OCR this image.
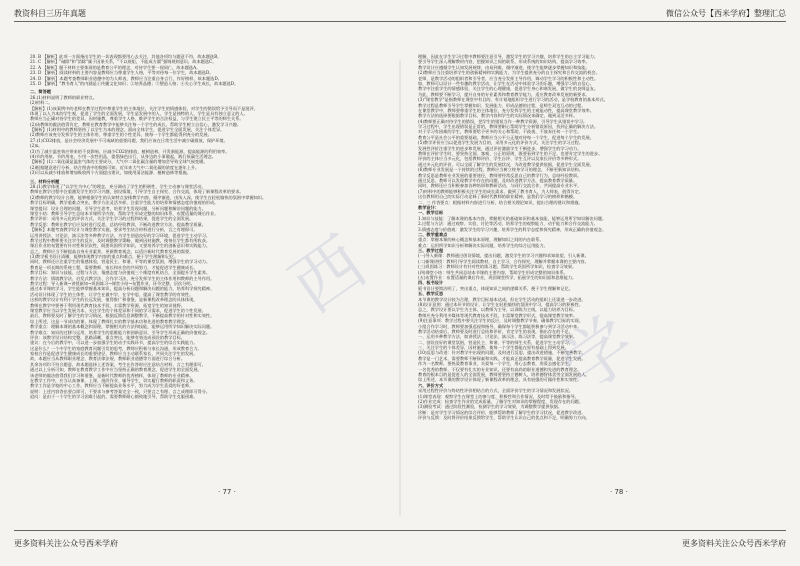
教资科目三历年真题	微信公众号【西米学府】整理汇总
20. B 【解析】此项一方面指出学生的一切表现都要用心去关注，其他各项均与题意不符，故本题选B。
21. C 【解析】"破除"和"消除"属于因果关系，"不以规矩，不能成方圆"强调规则意识，故本题选C。
22. A 【解析】题干材料主要体现的是教育公平的理念，对待学生要一视同仁，故本题选A。
23. D 【解析】阅读材料的主要内容是教师应当尊重学生人格，平等对待每一位学生，故本题选D。
24. D 【解析】本题考查教师职业道德中的为人师表，教师应当注重自身言行，作好榜样，故本题选D。
25. D 【解析】"教书育人"的内涵是①传播文化知识；②培养品德；③塑造人格；④关心学生成长，故本题选D。
二、简答题
26.(1)材料说明了教师的职业特点。
(2)材料二。
【解析】(1)该案例中的老师在教学过程中尊重学生的主体地位，关注学生的情感体验，对学生的错误给予引导而不是批评，
体现了以人为本的学生观，促进了学生的全面发展，学生是发展中的人，学生是独特的人，学生是具有独立意义的人。
教师应当正确对待学生的差异，因材施教，尊重学生人格，维护学生的合法权益，与学生建立民主平等的师生关系。
(2)该教师的做法值得肯定，教师在教育教学中能够关注每一个学生的成长，帮助学生树立自信心，激发学习兴趣。
【解析】(1)材料中的教师坚持了以学生为本的理念，面向全体学生，促进学生全面发展，关注个体差异。
(2)教师应该充分发挥学生的主体作用，尊重学生的个性差异，使每一个学生都能得到充分的发展。
27.(1)CO2排放，是社会经济发展中不可或缺的重要问题，我们应该在日常生活中减少碳排放，保护环境。
(2)x。
(3)为了减少温室效应带来的不良影响，应减少CO2的排放，植树造林，开发新能源，提高能源的利用效率。
(4)节约用纸、节约用电，少用一次性用品，提倡绿色出行，从身边的小事做起，践行低碳生活理念。
【解析】(1)二氧化碳是温室气体的主要成分，大气中二氧化碳含量的增加会导致全球气候变暖。
(2)根据题意进行分析，结合图表中的数据可知，近年来大气中二氧化碳的浓度在逐年上升。
(3)可以从减少排放和增加吸收两个方面提出建议，如使用清洁能源、植树造林等措施。
三、材料分析题
28.(1)教学体现了"以学生为中心"的理念，充分调动了学生的积极性，学生主动参与课堂活动。
教师在教学过程中注重激发学生的学习兴趣，创设情境，引导学生自主探究、合作交流，体现了新课程改革的要求。
(2)教师的教学设计合理，能够根据学生的认知特点安排教学内容，循序渐进，由浅入深，使学生在轻松愉快的氛围中掌握知识。
教学目标明确，教学重难点突出，教学方法灵活多样，注重学生能力的培养和情感态度价值观的形成。
课堂提问：设计合理的问题，引导学生思考，培养学生发现问题、分析问题和解决问题的能力。
课堂小结：教师引导学生总结本节课所学内容，帮助学生形成完整的知识体系，布置适量的课后作业。
教学评价：采用多元化的评价方式，关注学生学习的过程和结果，促进学生的全面发展。
教学反思：教师在教学后应及时进行反思，总结经验教训，不断改进教学方法，提高教学质量。
【解析】本题考查教学设计与课堂教学实施，要求考生结合材料进行分析，言之有理即可。
运用讲授法、讨论法、演示法等多种教学方法，为学生创造良好的学习环境，促进学生主动学习。
教学过程中教师要关注学生的反应，及时调整教学策略，做到因材施教，使每位学生都有所收获。
课后作业的布置要有针对性和层次性，既要巩固所学知识，又要培养学生的创新意识和实践能力。
总之，教师应当不断提高自身专业素养，更新教育观念，以适应新时代教育发展的需要。
(3)教学板书设计清晰，能够体现教学内容的重点和难点，便于学生理解和记忆。
同时，教师还应注重学生的情感体验，营造民主、和谐、平等的课堂氛围，增强学生的学习动力。
教育是一项长期的系统工程，需要教师、家长和社会的共同努力，才能促进学生健康成长。
教学目标：知识与技能、过程与方法、情感态度与价值观三个维度有机结合，全面提升学生素养。
教学方法：情境教学法、启发式教学法、合作学习法，充分发挥学生的主体作用和教师的主导作用。
教学过程：导入新课→讲授新知→巩固练习→课堂小结→布置作业，环节完整，层次分明。
通过本节课的学习，学生能够掌握基本知识，提高分析问题和解决问题的能力，培养科学探究精神。
活动设计体现了学生的主体性，让学生在做中学，在学中思，提高了课堂教学的有效性。
这样的教学设计有利于学生的长远发展，值得推广和借鉴，是新课程改革理念的具体体现。
教师在教学中要善于利用现代教育技术手段，丰富教学资源，拓宽学生的知识视野。
课堂教学应当以学生发展为本，关注学生的个体差异和不同的学习需求，促进学生的个性发展。
最后，教师要及时了解学生的学习情况，根据反馈信息调整教学，不断提高教学的针对性和实效性。
综上所述，这是一节成功的课，体现了教师扎实的教学基本功和先进的教育教学理念。
教学重点：理解本课的基本概念和原理，掌握相关的方法和技能，能够运用所学知识解决实际问题。
教学难点：知识的迁移与运用，培养学生的思维能力和创新意识，引导学生形成正确的价值观念。
评价：该教学设计结构完整，思路清晰，重点突出，能够有效达成预设的教学目标。
建议：在今后的教学中，可以进一步加强学生的动手实践环节，提高学生的综合实践能力。
这是什么？一个中学生的家庭教育问题引发的思考，教师应积极与家长沟通，形成教育合力。
家校合作是促进学生健康成长的重要途径，教师应当主动联系家长，共同关注学生的发展。
故，本题应当从教师职业理念、教育法律法规、教师职业道德等方面进行综合分析。
其余各项均不符合题意，故本题选择上述答案，考生在作答时应注意结合材料，言之有理即可。
通过以上分析可知，教师在教育教学工作中应当坚持正确的教育理念，促进学生的全面发展。
该老师的做法值得我们学习和借鉴，是新时代教师的优秀榜样，体现了教师的专业精神。
在教学工作中，应当认真备课、上课、批改作业、辅导学生，切实履行教师的职责和义务。
教学工作是学校的中心工作，教师应当不断提高业务水平，努力成为学生喜爱的好老师。
说明：上述内容答出要点即可，不要求与参考答案完全一致，只要言之有理、言之成理即可得分。
追问：是由于一个学生的学习困难引起的，需要教师耐心细致地引导，帮助学生克服困难。
理解，因此在学生学习过程中教师要注意引导，激发学生的学习兴趣，培养学生的自主学习能力。
要引导学生深入理解教材内容，把握知识之间的联系，形成系统的知识结构，提高学习效率。
教学设计应遵循学生认知发展规律，由易到难，循序渐进，使学生能够逐步掌握知识和技能。
(2)教师应当注重培养学生的创新精神和实践能力，为学生提供充分的自主探究和合作交流的机会。
老师，是教学活动的组织者和引导者，应当充分发挥主导作用，调动学生学习的积极性和主动性。
如，教师可以设计一些有趣的教学活动，让学生在活动中体验学习的乐趣，增强学习的自信心。
教学中注重学生的情感体验，关注学生的心理健康，促进学生身心和谐发展，做学生的良师益友。
为此，教师要不断学习，提升自身的专业素养和教育教学能力，适应教育改革发展的新要求。
(3)"课堂教学"是指教师在课堂中有目的、有计划地组织学生进行学习的活动，是学校教育的基本形式。
教学过程是教师引导学生掌握知识、发展能力、形成品德的过程，是师生双边互动的过程。
在课堂教学中，教师要尊重学生的主体地位，充分发挥学生的主观能动性，提高课堂教学效率。
教学方法的选择要根据教学目标、教学内容和学生的实际情况来确定，做到灵活多样。
(4)教师要正确对待学生的错误，把学生的错误当作一种教学资源，引导学生从错误中学习。
学习过程中，学生出现错误是正常的，教师要耐心帮助学生分析错误原因，找到正确的解决方法。
对于学习有困难的学生，教师要给予更多的关心和帮助，不歧视、不放弃任何一个学生。
教育公平是社会公平的重要基础，教师应当公平公正地对待每一个学生，促进每个学生的发展。
(5)教学评价应当以促进学生发展为目的，采用多元化的评价方式，关注学生的学习过程。
发展性评价注重学生的进步和发展，通过评价激励学生不断进步，增强学生的学习动力。
教师在评价学生时，要坚持全面、客观、公正的原则，既要看到学生的不足，也要肯定学生的进步。
评价的主体应当多元化，包括教师评价、学生自评、学生互评以及家长评价等多种形式。
通过多元化的评价，可以全面了解学生的发展状况，为改进教学提供依据，促进学生全面发展。
(6)教师专业发展是一个持续的过程，教师应当树立终身学习的理念，不断更新知识结构。
教学反思是教师专业发展的重要途径，教师要经常反思自己的教学行为，总结经验教训。
通过反思，教师可以发现教学中存在的问题，及时改进教学方法，提高教育教学质量。
同时，教师还应当积极参加各种培训和教研活动，与同行交流合作，共同提高专业水平。
(7)材料中的教师能够积极关注学生的成长需求，做到了教书育人，为人师表，值得肯定。
这位教师用自己的实际行动诠释了新时代教师的职业精神，是我们学习的榜样和楷模。
二、三 作答要点：根据材料内容进行分析，结合相关理论知识，提出合理的建议和措施。
教学设计：
一、教学目标
1.知识与技能：了解本课的基本内容，掌握相关的基础知识和基本技能，能够运用所学知识解决问题。
2.过程与方法：通过观察、实验、讨论等活动，培养学生的观察能力、动手能力和合作交流能力。
3.情感态度与价值观：激发学生的学习兴趣，培养学生的科学态度和探究精神，形成正确的价值观念。
二、教学重难点
重点：掌握本课的核心概念和基本原理，理解知识之间的内在联系。
难点：运用所学知识分析和解决实际问题，培养学生的综合运用能力。
三、教学过程
(一)导入新课：教师通过创设情境，提出问题，激发学生的学习兴趣和求知欲望，引入新课。
(二)新课讲授：教师引导学生阅读教材，自主学习，合作探究，理解并掌握本课的主要内容。
(三)巩固练习：教师设计有针对性的练习题，帮助学生巩固所学知识，检查学习效果。
(四)课堂小结：师生共同总结本节课的主要内容，帮助学生形成完整的知识体系。
(五)布置作业：布置适量的课后作业，巩固课堂所学，拓展学生的知识面和思维能力。
四、板书设计
板书设计要简洁明了，突出重点，体现知识之间的逻辑关系，便于学生理解和记忆。
五、教学反思
本节课的教学设计较为合理，教学目标基本达成，但在学生活动的组织上还需进一步改进。
(8)设计意图：通过本环节的设计，让学生在轻松愉快的氛围中学习，提高学习的积极性。
总之，教学设计要以学生为主体，以教师为主导，以训练为主线，以能力培养为目标。
教师应充分利用多媒体等现代教育技术手段，丰富课堂教学形式，提高课堂教学效率。
(9)注意事项：教学过程中要关注学生的反应，及时调整教学节奏，确保教学目标的实现。
小组合作学习时，教师要加强巡视和指导，确保每个学生都能积极参与到学习活动中来。
教学活动结束后，教师要及时进行总结和评价，肯定学生的表现，指出存在的不足。
一、运用多种教学方法，如讲授法、讨论法、演示法、练习法等，提高课堂教学效果。
二、创设良好的课堂氛围，营造民主、和谐、平等的师生关系，促进学生主动学习。
三、关注学生的个体差异，因材施教，使每一个学生都能在原有基础上得到发展。
(10)反思与改进：针对教学中出现的问题，及时进行反思，提出改进措施，不断完善教学。
教学是一门艺术，需要教师不断探索和实践，才能真正提高教育教学质量，促进学生发展。
作为一名教师，要热爱教育事业，关爱每一个学生，用心去教育，用爱去感化学生。
一名优秀的教师，不仅要有扎实的专业知识，还要有高尚的职业道德和先进的教育理念。
教育的根本目的是促进人的全面发展，教师要坚持立德树人，培养德智体美劳全面发展的人。
综上所述，本节课的教学设计体现了新课程改革的理念，具有较强的可操作性和实效性。
六、评价方式
采用过程性评价与终结性评价相结合的方式，全面评价学生的学习情况和发展状况。
(1)课堂表现：观察学生在课堂上的参与度、积极性和合作情况，及时给予鼓励和指导。
(2)作业完成：检查学生作业的完成质量，了解学生对知识的掌握程度，发现存在的问题。
(3)测验考试：通过阶段性测验，检测学生的学习效果，为调整教学提供依据。
诊断：是对学生学习情况的综合评价，能够帮助教师了解学生的学习状况，促进教学改进。
评价与反馈：及时将评价结果反馈给学生，帮助学生认识自己的优点和不足，明确努力方向。
西
学
· 77 ·	· 78 ·
更多资料关注公众号西米学府	更多资料关注公众号西米学府
